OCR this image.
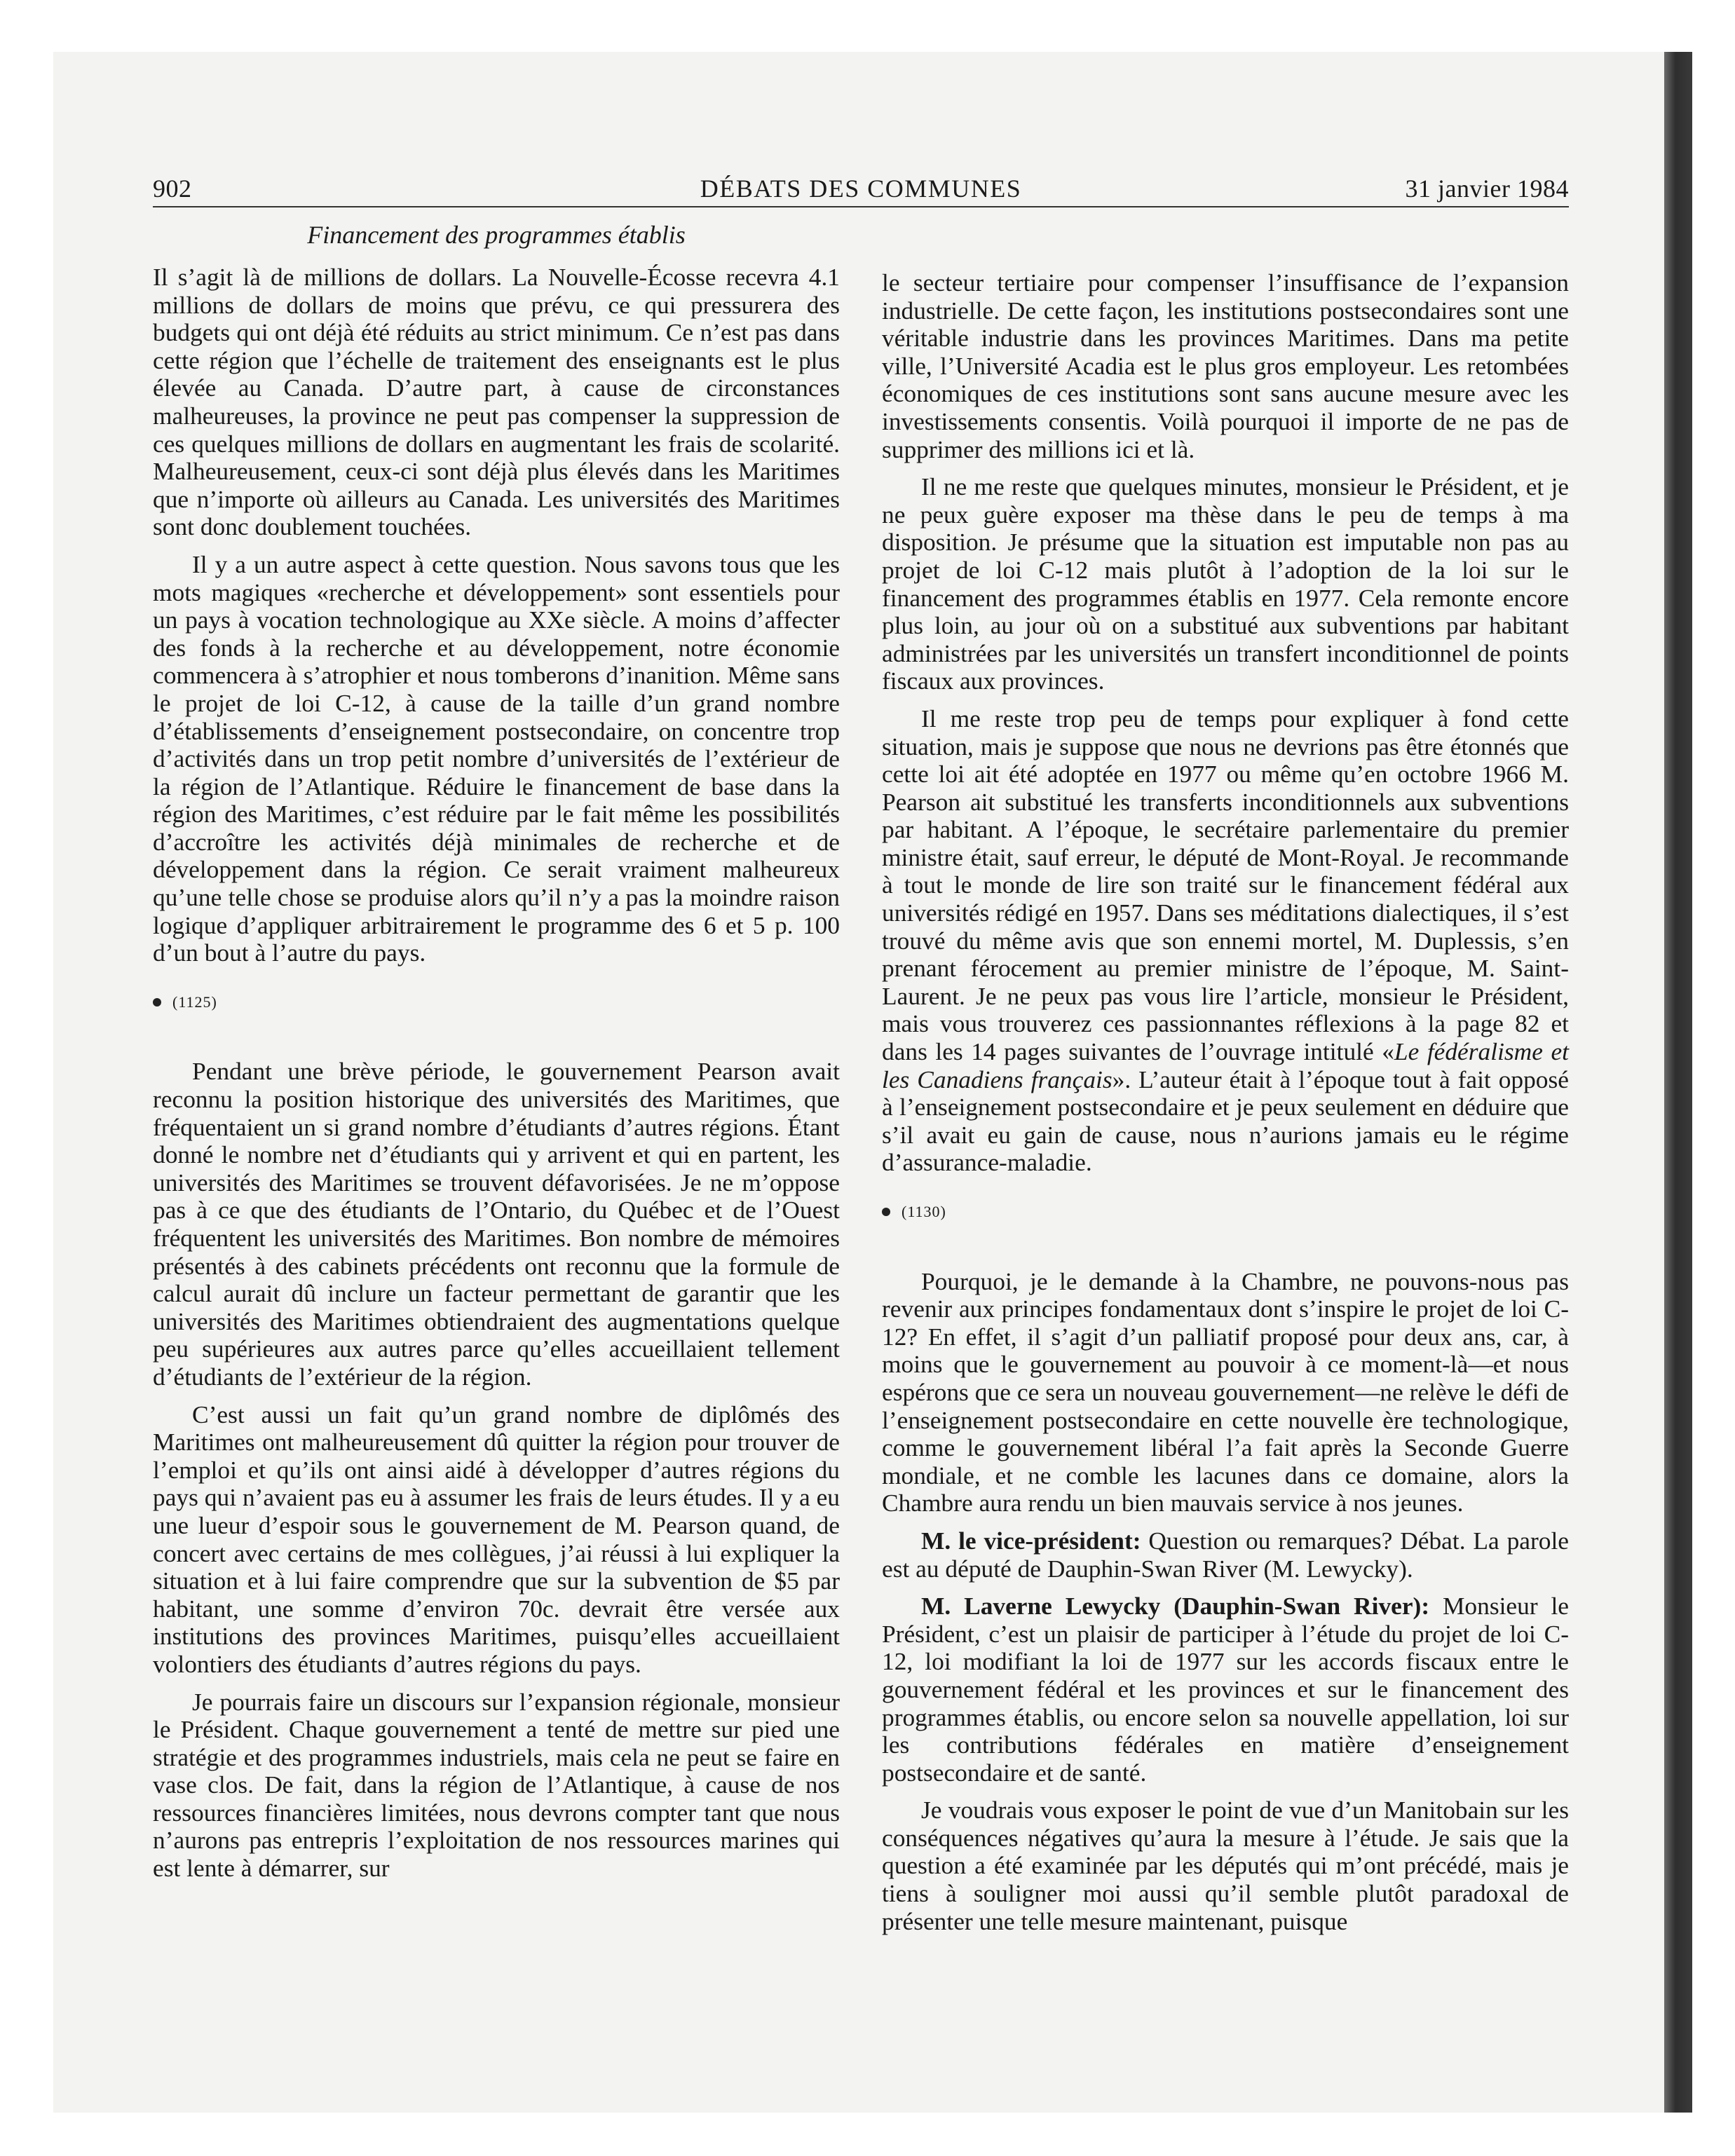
902	DÉBATS DES COMMUNES	31 janvier 1984
Financement des programmes établis

Il s’agit là de millions de dollars. La Nouvelle-Écosse recevra 4.1 millions de dollars de moins que prévu, ce qui pressurera des budgets qui ont déjà été réduits au strict minimum. Ce n’est pas dans cette région que l’échelle de traitement des enseignants est le plus élevée au Canada. D’autre part, à cause de circonstances malheureuses, la province ne peut pas compenser la suppression de ces quelques millions de dollars en augmentant les frais de scolarité. Malheureusement, ceux-ci sont déjà plus élevés dans les Maritimes que n’importe où ailleurs au Canada. Les universités des Maritimes sont donc doublement touchées.

Il y a un autre aspect à cette question. Nous savons tous que les mots magiques «recherche et développement» sont essentiels pour un pays à vocation technologique au XXe siècle. A moins d’affecter des fonds à la recherche et au développement, notre économie commencera à s’atrophier et nous tomberons d’inanition. Même sans le projet de loi C-12, à cause de la taille d’un grand nombre d’établissements d’enseignement postsecondaire, on concentre trop d’activités dans un trop petit nombre d’universités de l’extérieur de la région de l’Atlantique. Réduire le financement de base dans la région des Maritimes, c’est réduire par le fait même les possibilités d’accroître les activités déjà minimales de recherche et de développement dans la région. Ce serait vraiment malheureux qu’une telle chose se produise alors qu’il n’y a pas la moindre raison logique d’appliquer arbitrairement le programme des 6 et 5 p. 100 d’un bout à l’autre du pays.

(1125)

Pendant une brève période, le gouvernement Pearson avait reconnu la position historique des universités des Maritimes, que fréquentaient un si grand nombre d’étudiants d’autres régions. Étant donné le nombre net d’étudiants qui y arrivent et qui en partent, les universités des Maritimes se trouvent défavorisées. Je ne m’oppose pas à ce que des étudiants de l’Ontario, du Québec et de l’Ouest fréquentent les universités des Maritimes. Bon nombre de mémoires présentés à des cabinets précédents ont reconnu que la formule de calcul aurait dû inclure un facteur permettant de garantir que les universités des Maritimes obtiendraient des augmentations quelque peu supérieures aux autres parce qu’elles accueillaient tellement d’étudiants de l’extérieur de la région.

C’est aussi un fait qu’un grand nombre de diplômés des Maritimes ont malheureusement dû quitter la région pour trouver de l’emploi et qu’ils ont ainsi aidé à développer d’autres régions du pays qui n’avaient pas eu à assumer les frais de leurs études. Il y a eu une lueur d’espoir sous le gouvernement de M. Pearson quand, de concert avec certains de mes collègues, j’ai réussi à lui expliquer la situation et à lui faire comprendre que sur la subvention de $5 par habitant, une somme d’environ 70c. devrait être versée aux institutions des provinces Maritimes, puisqu’elles accueillaient volontiers des étudiants d’autres régions du pays.

Je pourrais faire un discours sur l’expansion régionale, monsieur le Président. Chaque gouvernement a tenté de mettre sur pied une stratégie et des programmes industriels, mais cela ne peut se faire en vase clos. De fait, dans la région de l’Atlantique, à cause de nos ressources financières limitées, nous devrons compter tant que nous n’aurons pas entrepris l’exploitation de nos ressources marines qui est lente à démarrer, sur

le secteur tertiaire pour compenser l’insuffisance de l’expansion industrielle. De cette façon, les institutions postsecondaires sont une véritable industrie dans les provinces Maritimes. Dans ma petite ville, l’Université Acadia est le plus gros employeur. Les retombées économiques de ces institutions sont sans aucune mesure avec les investissements consentis. Voilà pourquoi il importe de ne pas de supprimer des millions ici et là.

Il ne me reste que quelques minutes, monsieur le Président, et je ne peux guère exposer ma thèse dans le peu de temps à ma disposition. Je présume que la situation est imputable non pas au projet de loi C-12 mais plutôt à l’adoption de la loi sur le financement des programmes établis en 1977. Cela remonte encore plus loin, au jour où on a substitué aux subventions par habitant administrées par les universités un transfert inconditionnel de points fiscaux aux provinces.

Il me reste trop peu de temps pour expliquer à fond cette situation, mais je suppose que nous ne devrions pas être étonnés que cette loi ait été adoptée en 1977 ou même qu’en octobre 1966 M. Pearson ait substitué les transferts inconditionnels aux subventions par habitant. A l’époque, le secrétaire parlementaire du premier ministre était, sauf erreur, le député de Mont-Royal. Je recommande à tout le monde de lire son traité sur le financement fédéral aux universités rédigé en 1957. Dans ses méditations dialectiques, il s’est trouvé du même avis que son ennemi mortel, M. Duplessis, s’en prenant férocement au premier ministre de l’époque, M. Saint-Laurent. Je ne peux pas vous lire l’article, monsieur le Président, mais vous trouverez ces passionnantes réflexions à la page 82 et dans les 14 pages suivantes de l’ouvrage intitulé «Le fédéralisme et les Canadiens français». L’auteur était à l’époque tout à fait opposé à l’enseignement postsecondaire et je peux seulement en déduire que s’il avait eu gain de cause, nous n’aurions jamais eu le régime d’assurance-maladie.

(1130)

Pourquoi, je le demande à la Chambre, ne pouvons-nous pas revenir aux principes fondamentaux dont s’inspire le projet de loi C-12? En effet, il s’agit d’un palliatif proposé pour deux ans, car, à moins que le gouvernement au pouvoir à ce moment-là—et nous espérons que ce sera un nouveau gouvernement—ne relève le défi de l’enseignement postsecondaire en cette nouvelle ère technologique, comme le gouvernement libéral l’a fait après la Seconde Guerre mondiale, et ne comble les lacunes dans ce domaine, alors la Chambre aura rendu un bien mauvais service à nos jeunes.

M. le vice-président: Question ou remarques? Débat. La parole est au député de Dauphin-Swan River (M. Lewycky).

M. Laverne Lewycky (Dauphin-Swan River): Monsieur le Président, c’est un plaisir de participer à l’étude du projet de loi C-12, loi modifiant la loi de 1977 sur les accords fiscaux entre le gouvernement fédéral et les provinces et sur le financement des programmes établis, ou encore selon sa nouvelle appellation, loi sur les contributions fédérales en matière d’enseignement postsecondaire et de santé.

Je voudrais vous exposer le point de vue d’un Manitobain sur les conséquences négatives qu’aura la mesure à l’étude. Je sais que la question a été examinée par les députés qui m’ont précédé, mais je tiens à souligner moi aussi qu’il semble plutôt paradoxal de présenter une telle mesure maintenant, puisque
